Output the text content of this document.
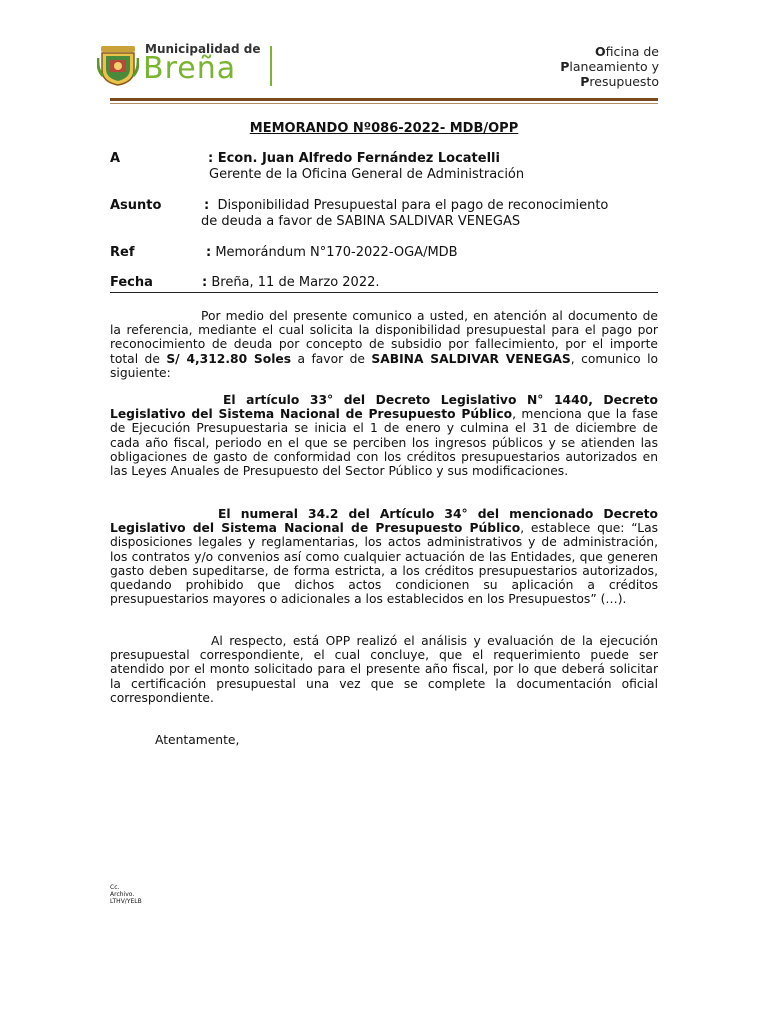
Municipalidad de
Breña	Oficina de
Planeamiento y
Presupuesto
MEMORANDO Nº086-2022- MDB/OPP
A	: Econ. Juan Alfredo Fernández Locatelli
Gerente de la Oficina General de Administración
Asunto	: Disponibilidad Presupuestal para el pago de reconocimiento
de deuda a favor de SABINA SALDIVAR VENEGAS
Ref	: Memorándum N°170-2022-OGA/MDB
Fecha	: Breña, 11 de Marzo 2022.
Por medio del presente comunico a usted, en atención al documento de la referencia, mediante el cual solicita la disponibilidad presupuestal para el pago por reconocimiento de deuda por concepto de subsidio por fallecimiento, por el importe total de S/ 4,312.80 Soles a favor de SABINA SALDIVAR VENEGAS, comunico lo siguiente:
El artículo 33° del Decreto Legislativo N° 1440, Decreto Legislativo del Sistema Nacional de Presupuesto Público, menciona que la fase de Ejecución Presupuestaria se inicia el 1 de enero y culmina el 31 de diciembre de cada año fiscal, periodo en el que se perciben los ingresos públicos y se atienden las obligaciones de gasto de conformidad con los créditos presupuestarios autorizados en las Leyes Anuales de Presupuesto del Sector Público y sus modificaciones.
El numeral 34.2 del Artículo 34° del mencionado Decreto Legislativo del Sistema Nacional de Presupuesto Público, establece que: “Las disposiciones legales y reglamentarias, los actos administrativos y de administración, los contratos y/o convenios así como cualquier actuación de las Entidades, que generen gasto deben supeditarse, de forma estricta, a los créditos presupuestarios autorizados, quedando prohibido que dichos actos condicionen su aplicación a créditos presupuestarios mayores o adicionales a los establecidos en los Presupuestos” (…).
Al respecto, está OPP realizó el análisis y evaluación de la ejecución presupuestal correspondiente, el cual concluye, que el requerimiento puede ser atendido por el monto solicitado para el presente año fiscal, por lo que deberá solicitar la certificación presupuestal una vez que se complete la documentación oficial correspondiente.
Atentamente,
Cc.
Archivo.
LTHV/YELB
